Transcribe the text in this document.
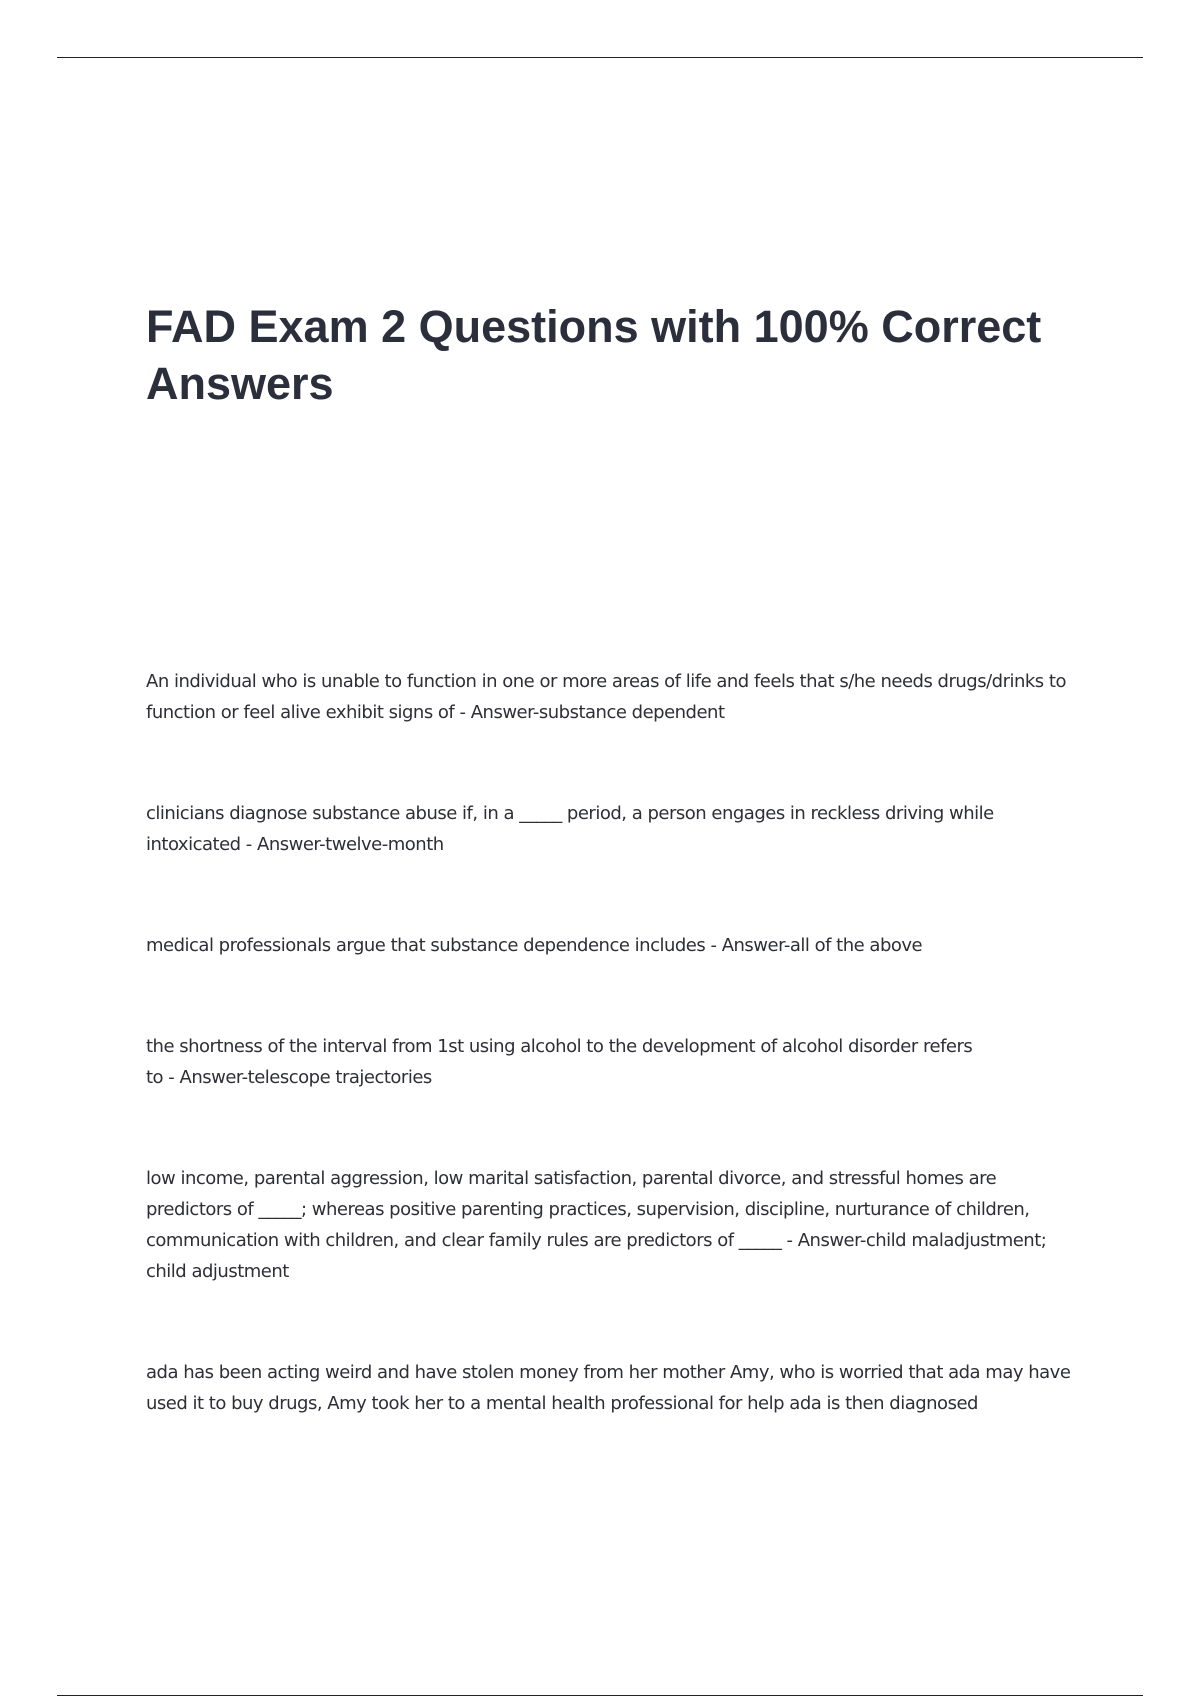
FAD Exam 2 Questions with 100% Correct Answers

An individual who is unable to function in one or more areas of life and feels that s/he needs drugs/drinks to function or feel alive exhibit signs of - Answer-substance dependent

clinicians diagnose substance abuse if, in a _____ period, a person engages in reckless driving while intoxicated - Answer-twelve-month

medical professionals argue that substance dependence includes - Answer-all of the above

the shortness of the interval from 1st using alcohol to the development of alcohol disorder refers to - Answer-telescope trajectories

low income, parental aggression, low marital satisfaction, parental divorce, and stressful homes are predictors of _____; whereas positive parenting practices, supervision, discipline, nurturance of children, communication with children, and clear family rules are predictors of _____ - Answer-child maladjustment; child adjustment

ada has been acting weird and have stolen money from her mother Amy, who is worried that ada may have used it to buy drugs, Amy took her to a mental health professional for help ada is then diagnosed
